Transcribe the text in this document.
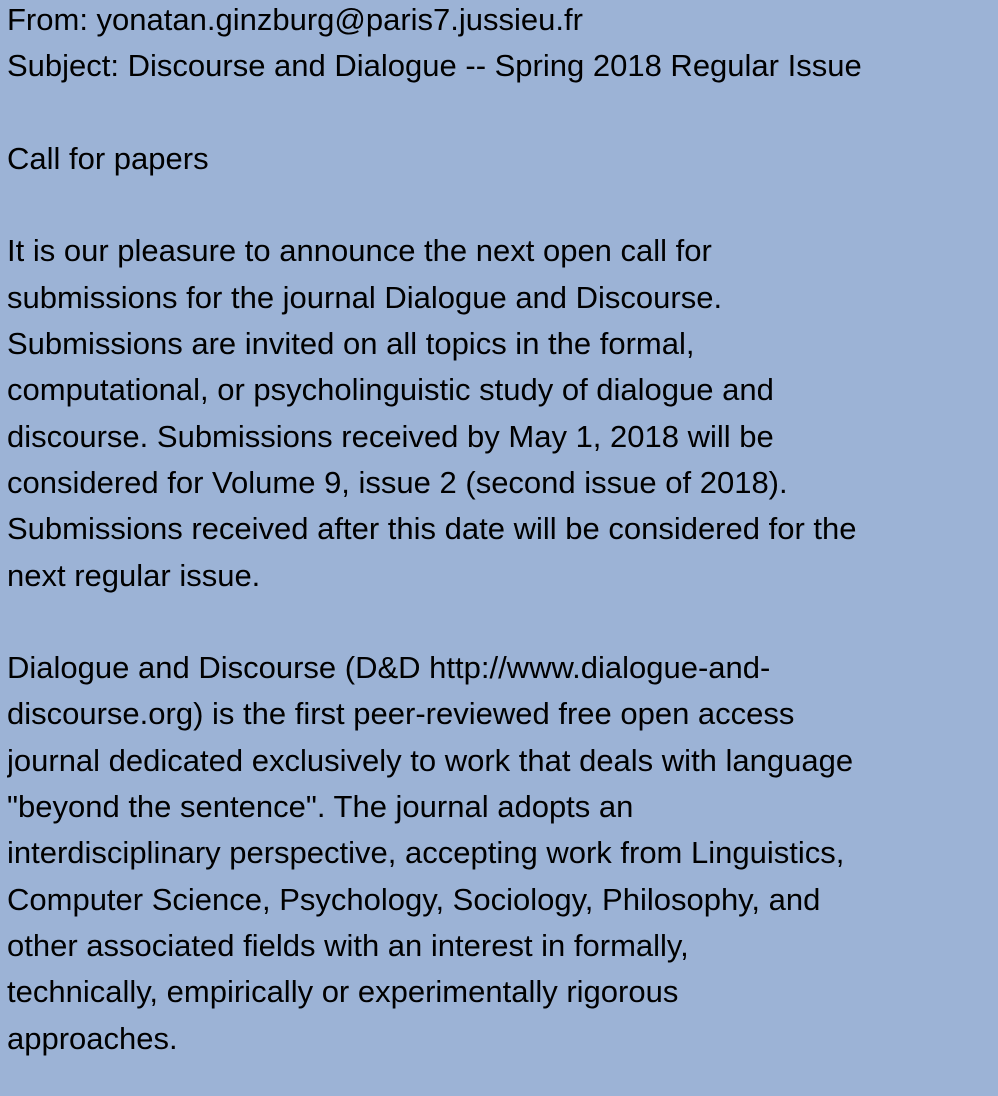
From: yonatan.ginzburg@paris7.jussieu.fr
Subject: Discourse and Dialogue -- Spring 2018 Regular Issue
Call for papers
It is our pleasure to announce the next open call for
submissions for the journal Dialogue and Discourse.
Submissions are invited on all topics in the formal,
computational, or psycholinguistic study of dialogue and
discourse. Submissions received by May 1, 2018 will be
considered for Volume 9, issue 2 (second issue of 2018).
Submissions received after this date will be considered for the
next regular issue.
Dialogue and Discourse (D&D http://www.dialogue-and-
discourse.org) is the first peer-reviewed free open access
journal dedicated exclusively to work that deals with language
"beyond the sentence". The journal adopts an
interdisciplinary perspective, accepting work from Linguistics,
Computer Science, Psychology, Sociology, Philosophy, and
other associated fields with an interest in formally,
technically, empirically or experimentally rigorous
approaches.
